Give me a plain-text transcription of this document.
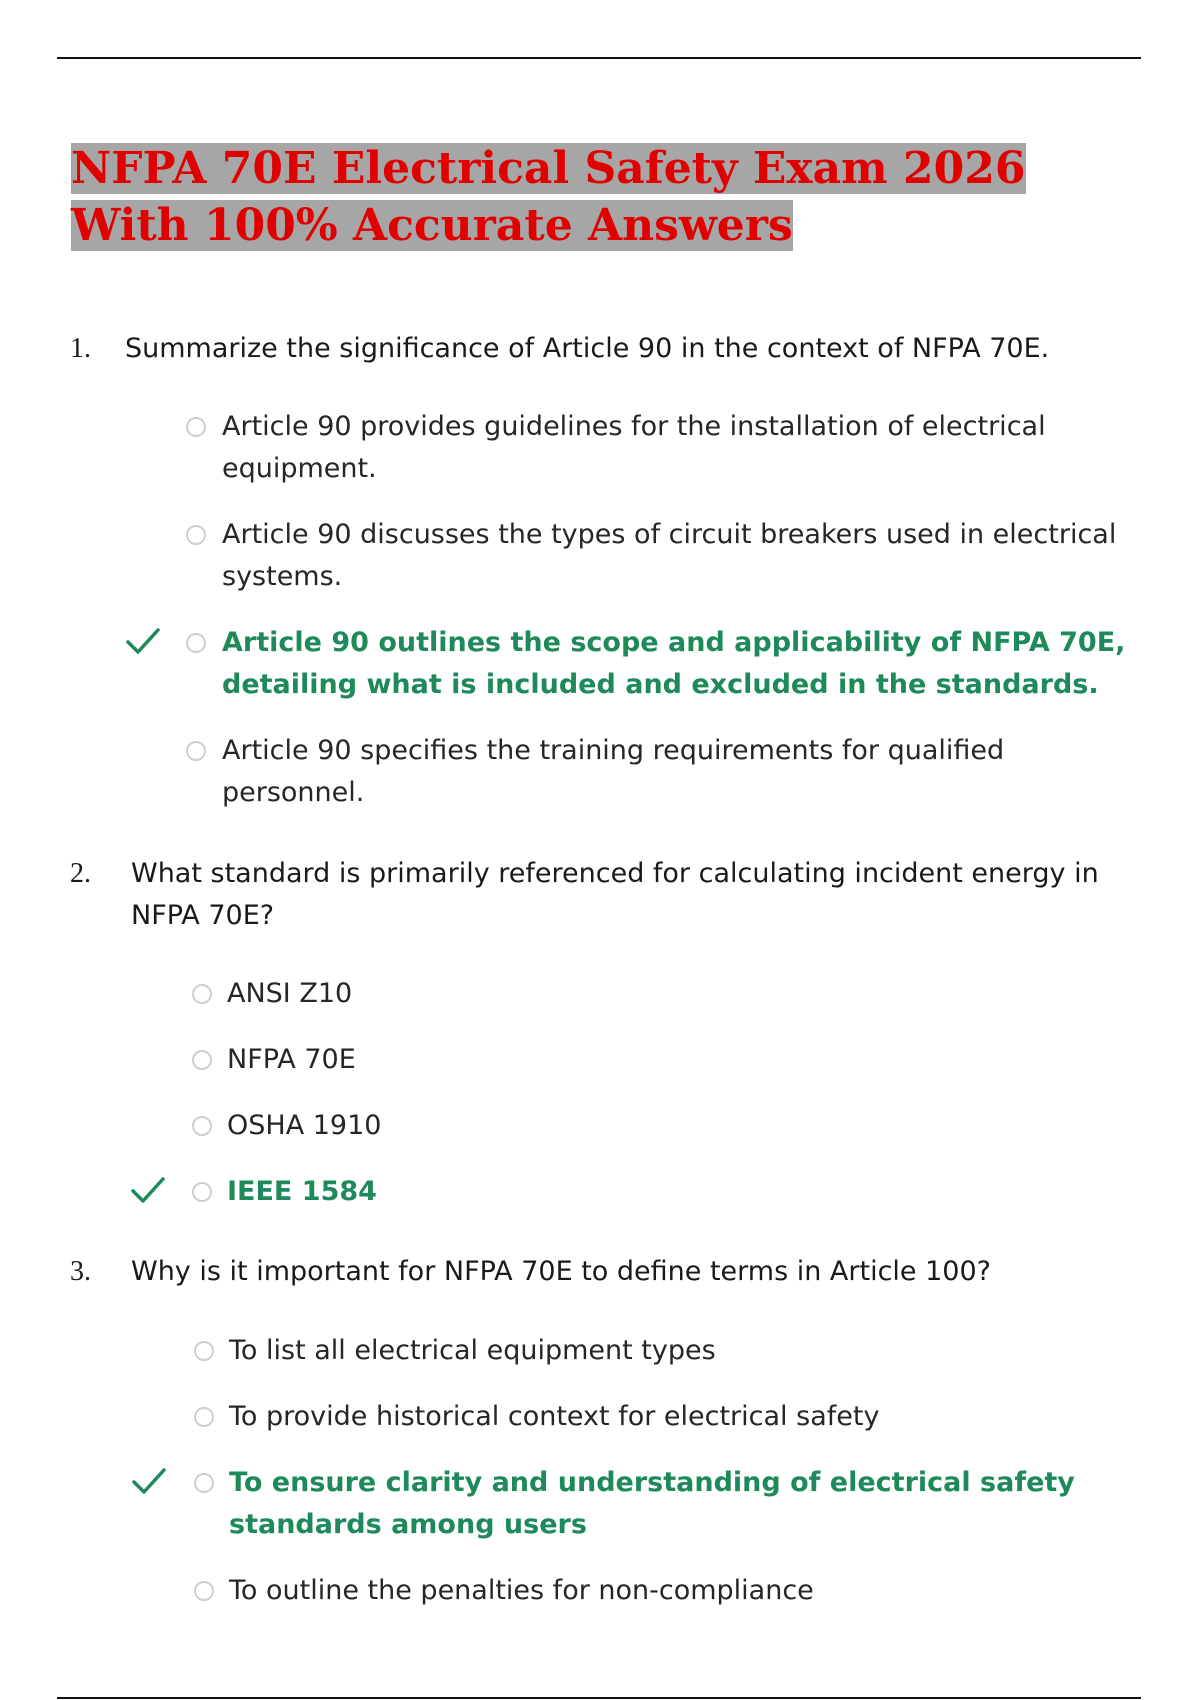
NFPA 70E Electrical Safety Exam 2026 With 100% Accurate Answers
1. Summarize the significance of Article 90 in the context of NFPA 70E.
Article 90 provides guidelines for the installation of electrical equipment.
Article 90 discusses the types of circuit breakers used in electrical systems.
Article 90 outlines the scope and applicability of NFPA 70E, detailing what is included and excluded in the standards.
Article 90 specifies the training requirements for qualified personnel.
2. What standard is primarily referenced for calculating incident energy in NFPA 70E?
ANSI Z10
NFPA 70E
OSHA 1910
IEEE 1584
3. Why is it important for NFPA 70E to define terms in Article 100?
To list all electrical equipment types
To provide historical context for electrical safety
To ensure clarity and understanding of electrical safety standards among users
To outline the penalties for non-compliance
